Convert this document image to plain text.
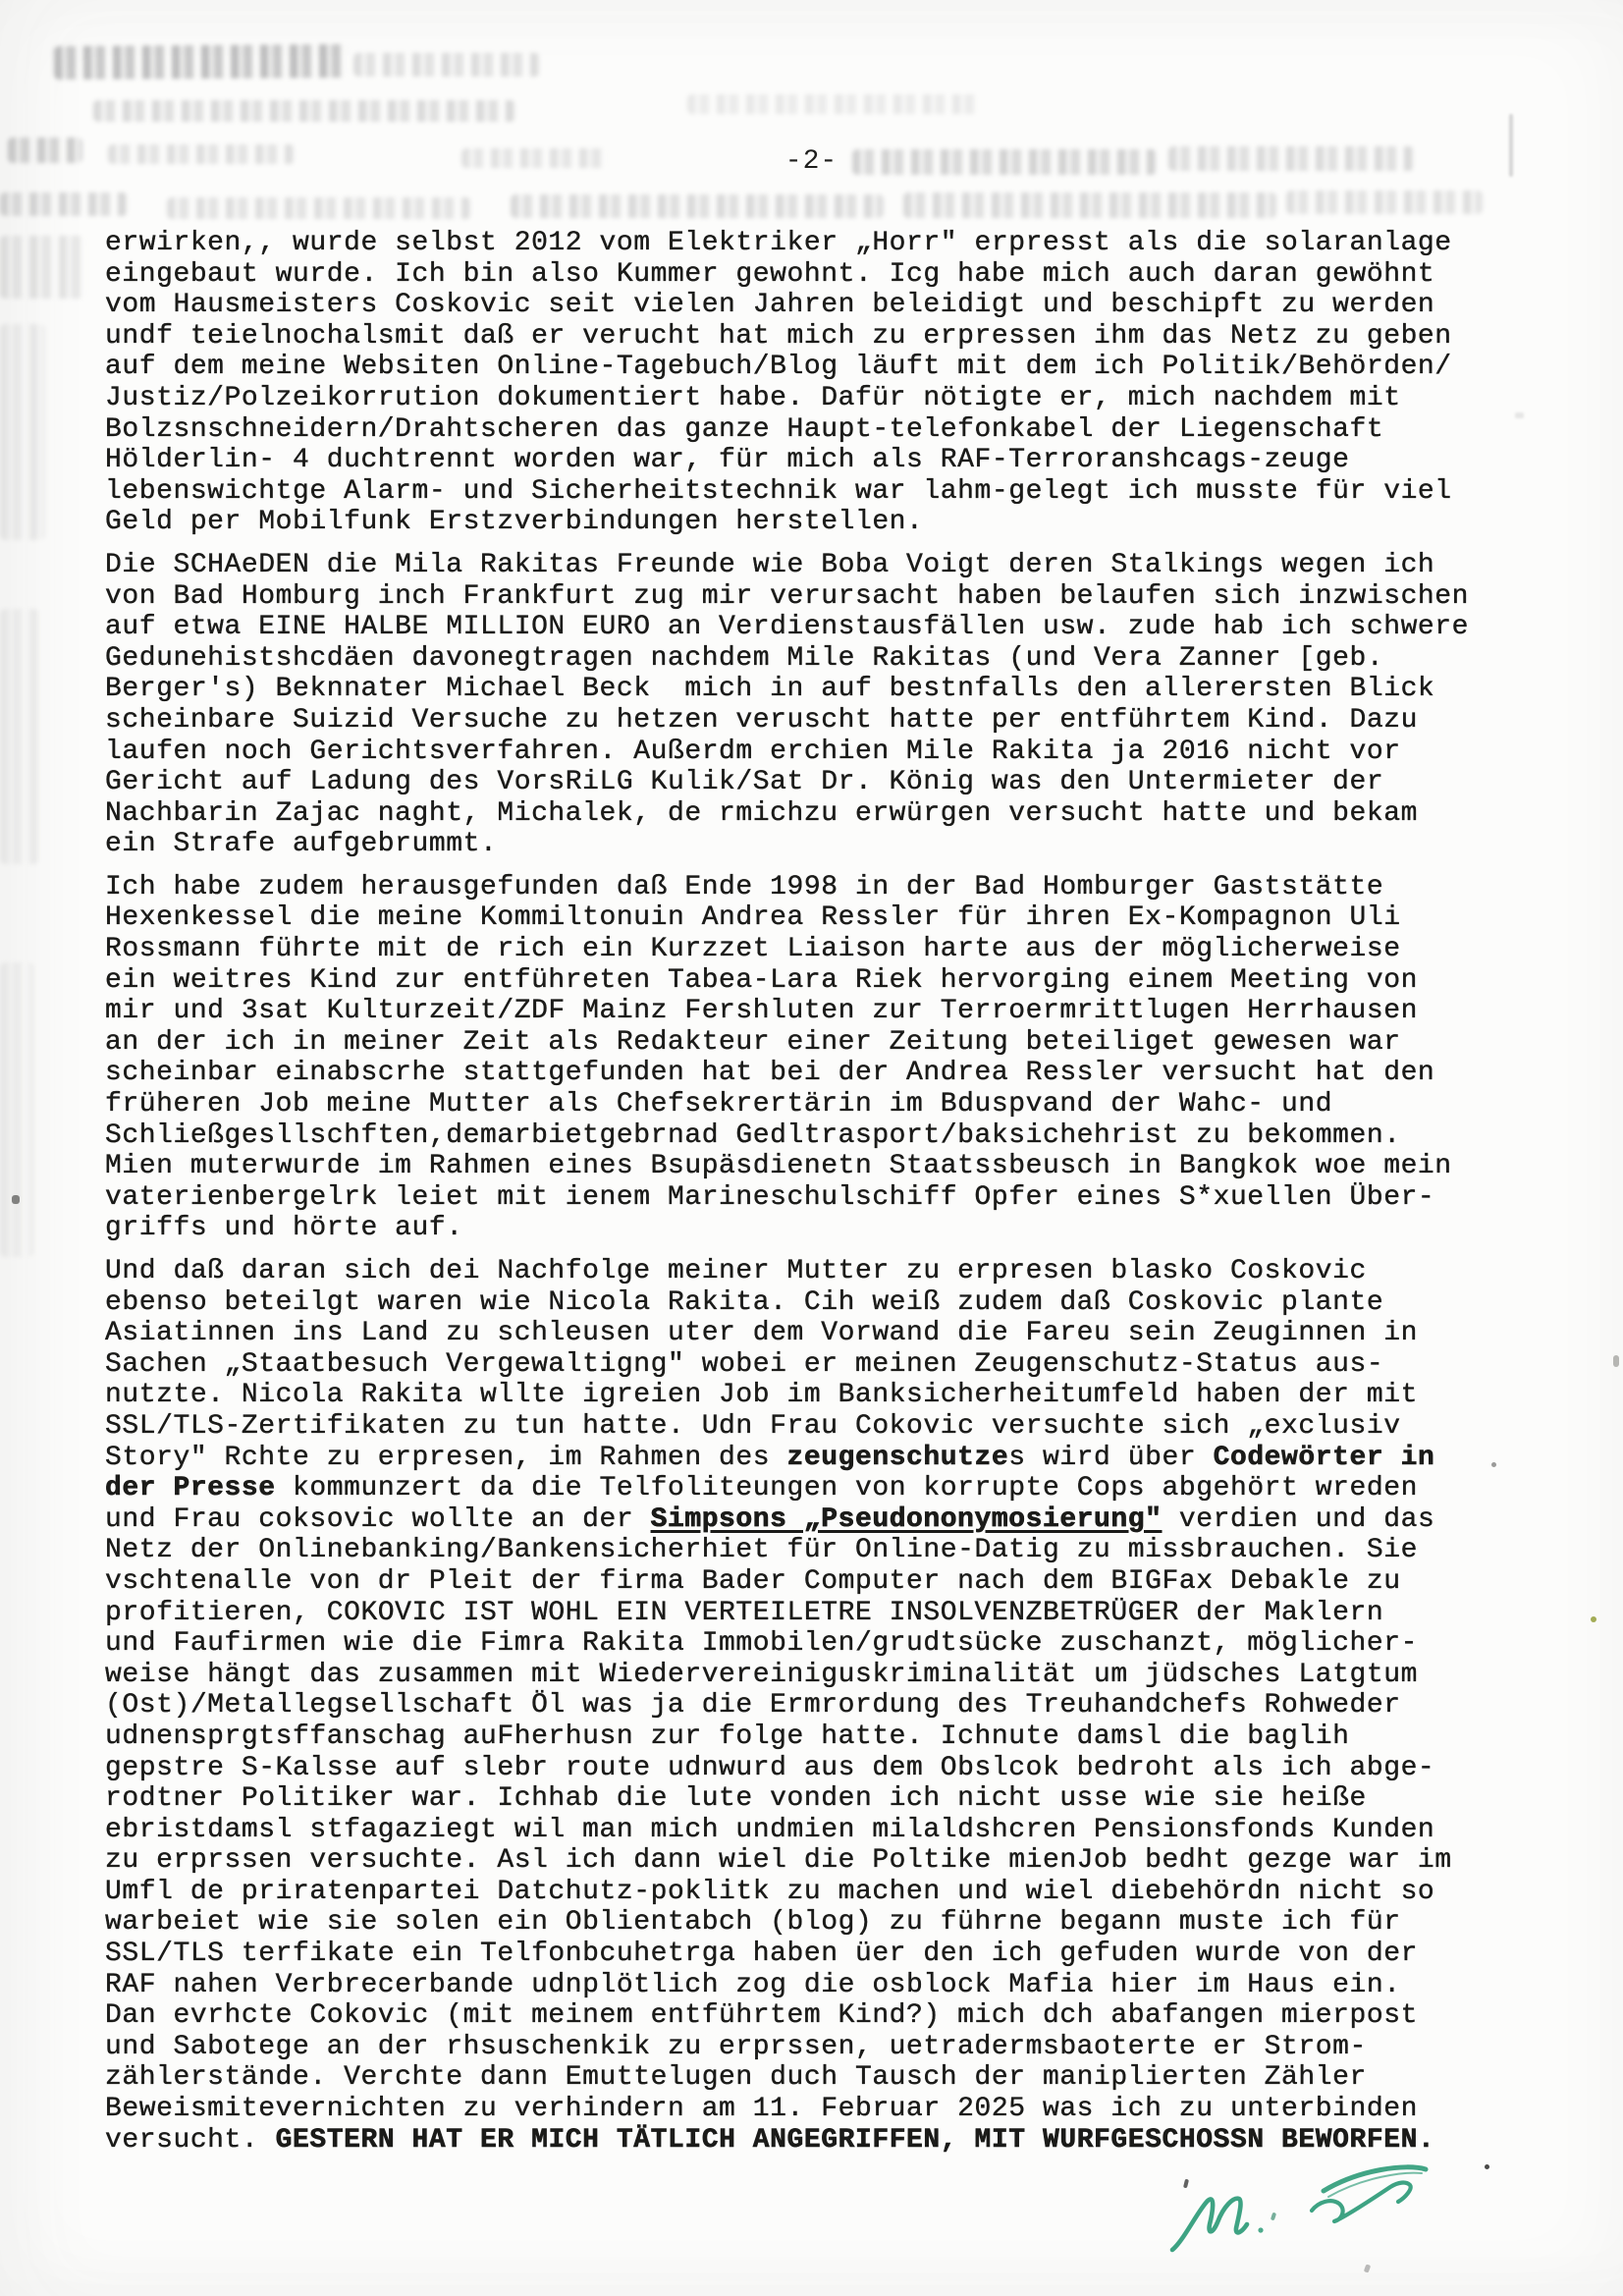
-2-
erwirken,, wurde selbst 2012 vom Elektriker „Horr" erpresst als die solaranlage
eingebaut wurde. Ich bin also Kummer gewohnt. Icg habe mich auch daran gewöhnt
vom Hausmeisters Coskovic seit vielen Jahren beleidigt und beschipft zu werden
undf teielnochalsmit daß er verucht hat mich zu erpressen ihm das Netz zu geben
auf dem meine Websiten Online-Tagebuch/Blog läuft mit dem ich Politik/Behörden/
Justiz/Polzeikorrution dokumentiert habe. Dafür nötigte er, mich nachdem mit
Bolzsnschneidern/Drahtscheren das ganze Haupt-telefonkabel der Liegenschaft
Hölderlin- 4 duchtrennt worden war, für mich als RAF-Terroranshcags-zeuge
lebenswichtge Alarm- und Sicherheitstechnik war lahm-gelegt ich musste für viel
Geld per Mobilfunk Erstzverbindungen herstellen.
Die SCHAeDEN die Mila Rakitas Freunde wie Boba Voigt deren Stalkings wegen ich
von Bad Homburg inch Frankfurt zug mir verursacht haben belaufen sich inzwischen
auf etwa EINE HALBE MILLION EURO an Verdienstausfällen usw. zude hab ich schwere
Gedunehistshcdäen davonegtragen nachdem Mile Rakitas (und Vera Zanner [geb.
Berger's) Beknnater Michael Beck  mich in auf bestnfalls den allerersten Blick
scheinbare Suizid Versuche zu hetzen veruscht hatte per entführtem Kind. Dazu
laufen noch Gerichtsverfahren. Außerdm erchien Mile Rakita ja 2016 nicht vor
Gericht auf Ladung des VorsRiLG Kulik/Sat Dr. König was den Untermieter der
Nachbarin Zajac naght, Michalek, de rmichzu erwürgen versucht hatte und bekam
ein Strafe aufgebrummt.
Ich habe zudem herausgefunden daß Ende 1998 in der Bad Homburger Gaststätte
Hexenkessel die meine Kommiltonuin Andrea Ressler für ihren Ex-Kompagnon Uli
Rossmann führte mit de rich ein Kurzzet Liaison harte aus der möglicherweise
ein weitres Kind zur entführeten Tabea-Lara Riek hervorging einem Meeting von
mir und 3sat Kulturzeit/ZDF Mainz Fershluten zur Terroermrittlugen Herrhausen
an der ich in meiner Zeit als Redakteur einer Zeitung beteiliget gewesen war
scheinbar einabscrhe stattgefunden hat bei der Andrea Ressler versucht hat den
früheren Job meine Mutter als Chefsekrertärin im Bduspvand der Wahc- und
Schließgesllschften,demarbietgebrnad Gedltrasport/baksichehrist zu bekommen.
Mien muterwurde im Rahmen eines Bsupäsdienetn Staatssbeusch in Bangkok woe mein
vaterienbergelrk leiet mit ienem Marineschulschiff Opfer eines S*xuellen Über-
griffs und hörte auf.
Und daß daran sich dei Nachfolge meiner Mutter zu erpresen blasko Coskovic
ebenso beteilgt waren wie Nicola Rakita. Cih weiß zudem daß Coskovic plante
Asiatinnen ins Land zu schleusen uter dem Vorwand die Fareu sein Zeuginnen in
Sachen „Staatbesuch Vergewaltigng" wobei er meinen Zeugenschutz-Status aus-
nutzte. Nicola Rakita wllte igreien Job im Banksicherheitumfeld haben der mit
SSL/TLS-Zertifikaten zu tun hatte. Udn Frau Cokovic versuchte sich „exclusiv
Story" Rchte zu erpresen, im Rahmen des zeugenschutzes wird über Codewörter in
der Presse kommunzert da die Telfoliteungen von korrupte Cops abgehört wreden
und Frau coksovic wollte an der Simpsons „Pseudononymosierung" verdien und das
Netz der Onlinebanking/Bankensicherhiet für Online-Datig zu missbrauchen. Sie
vschtenalle von dr Pleit der firma Bader Computer nach dem BIGFax Debakle zu
profitieren, COKOVIC IST WOHL EIN VERTEILETRE INSOLVENZBETRÜGER der Maklern
und Faufirmen wie die Fimra Rakita Immobilen/grudtsücke zuschanzt, möglicher-
weise hängt das zusammen mit Wiedervereiniguskriminalität um jüdsches Latgtum
(Ost)/Metallegsellschaft Öl was ja die Ermrordung des Treuhandchefs Rohweder
udnensprgtsffanschag auFherhusn zur folge hatte. Ichnute damsl die baglih
gepstre S-Kalsse auf slebr route udnwurd aus dem Obslcok bedroht als ich abge-
rodtner Politiker war. Ichhab die lute vonden ich nicht usse wie sie heiße
ebristdamsl stfagaziegt wil man mich undmien milaldshcren Pensionsfonds Kunden
zu erprssen versuchte. Asl ich dann wiel die Poltike mienJob bedht gezge war im
Umfl de priratenpartei Datchutz-poklitk zu machen und wiel diebehördn nicht so
warbeiet wie sie solen ein Oblientabch (blog) zu führne begann muste ich für
SSL/TLS terfikate ein Telfonbcuhetrga haben üer den ich gefuden wurde von der
RAF nahen Verbrecerbande udnplötlich zog die osblock Mafia hier im Haus ein.
Dan evrhcte Cokovic (mit meinem entführtem Kind?) mich dch abafangen mierpost
und Sabotege an der rhsuschenkik zu erprssen, uetradermsbaoterte er Strom-
zählerstände. Verchte dann Emuttelugen duch Tausch der maniplierten Zähler
Beweismitevernichten zu verhindern am 11. Februar 2025 was ich zu unterbinden
versucht. GESTERN HAT ER MICH TÄTLICH ANGEGRIFFEN, MIT WURFGESCHOSSN BEWORFEN.
